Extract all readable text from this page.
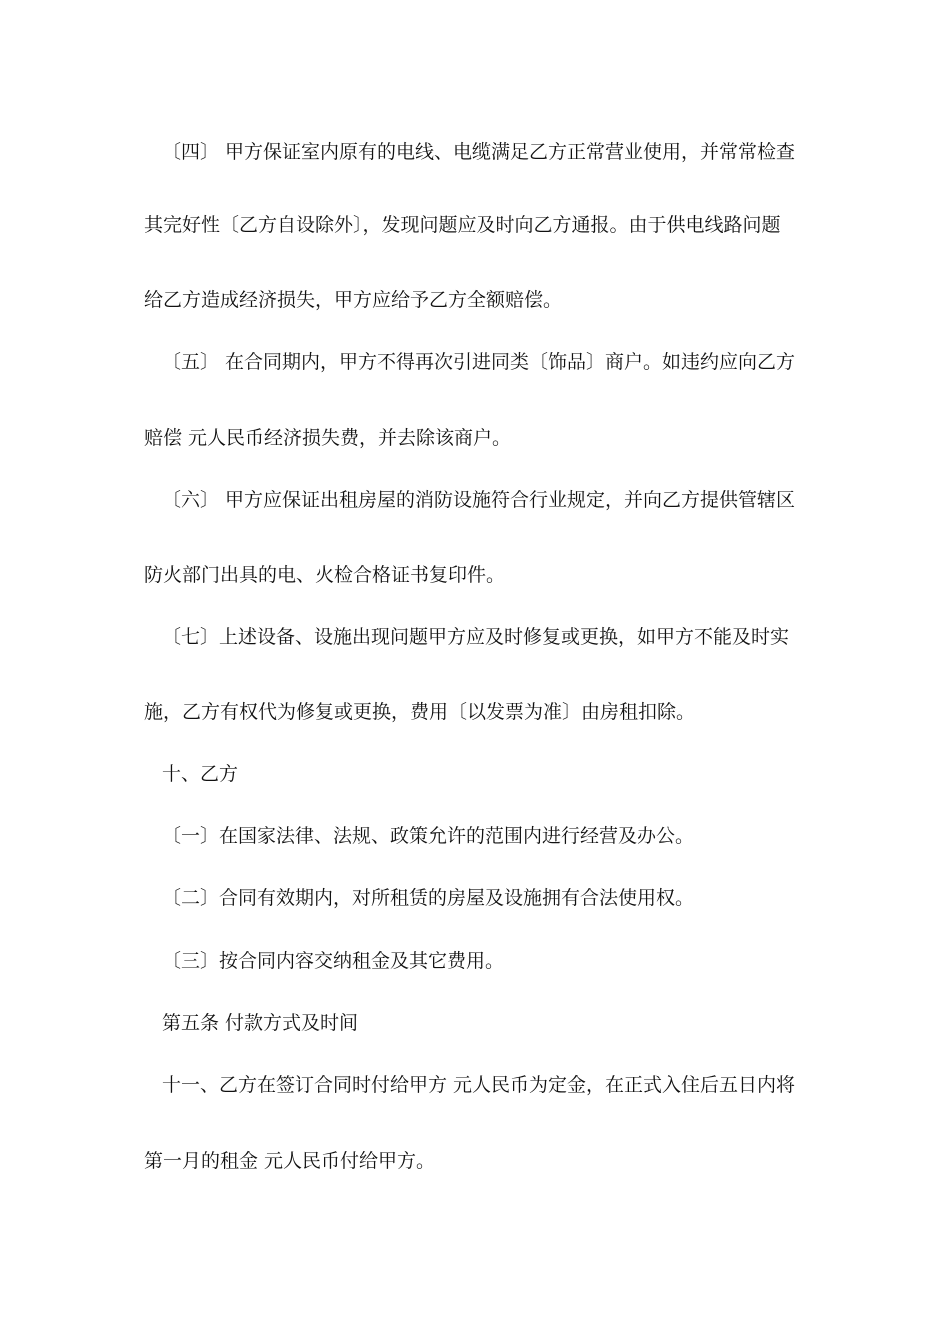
〔四〕 甲方保证室内原有的电线、电缆满足乙方正常营业使用，并常常检查
其完好性〔乙方自设除外〕，发现问题应及时向乙方通报。由于供电线路问题
给乙方造成经济损失，甲方应给予乙方全额赔偿。
〔五〕 在合同期内，甲方不得再次引进同类〔饰品〕商户。如违约应向乙方
赔偿 元人民币经济损失费，并去除该商户。
〔六〕 甲方应保证出租房屋的消防设施符合行业规定，并向乙方提供管辖区
防火部门出具的电、火检合格证书复印件。
〔七〕上述设备、设施出现问题甲方应及时修复或更换，如甲方不能及时实
施，乙方有权代为修复或更换，费用〔以发票为准〕由房租扣除。
十、乙方
〔一〕在国家法律、法规、政策允许的范围内进行经营及办公。
〔二〕合同有效期内，对所租赁的房屋及设施拥有合法使用权。
〔三〕按合同内容交纳租金及其它费用。
第五条 付款方式及时间
十一、乙方在签订合同时付给甲方 元人民币为定金，在正式入住后五日内将
第一月的租金 元人民币付给甲方。
